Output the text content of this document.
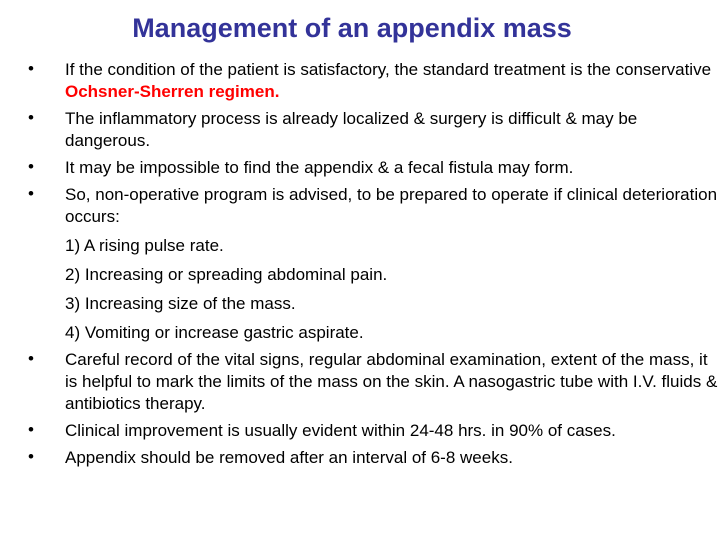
Management of an appendix mass
• If the condition of the patient is satisfactory, the standard treatment is the conservative Ochsner-Sherren regimen.
• The inflammatory process is already localized & surgery is difficult & may be dangerous.
• It may be impossible to find the appendix & a fecal fistula may form.
• So, non-operative program is advised, to be prepared to operate if clinical deterioration occurs:
1) A rising pulse rate.
2) Increasing or spreading abdominal pain.
3) Increasing size of the mass.
4) Vomiting or increase gastric aspirate.
• Careful record of the vital signs, regular abdominal examination, extent of the mass, it is helpful to mark the limits of the mass on the skin. A nasogastric tube with I.V. fluids & antibiotics therapy.
• Clinical improvement is usually evident within 24-48 hrs. in 90% of cases.
• Appendix should be removed after an interval of 6-8 weeks.
